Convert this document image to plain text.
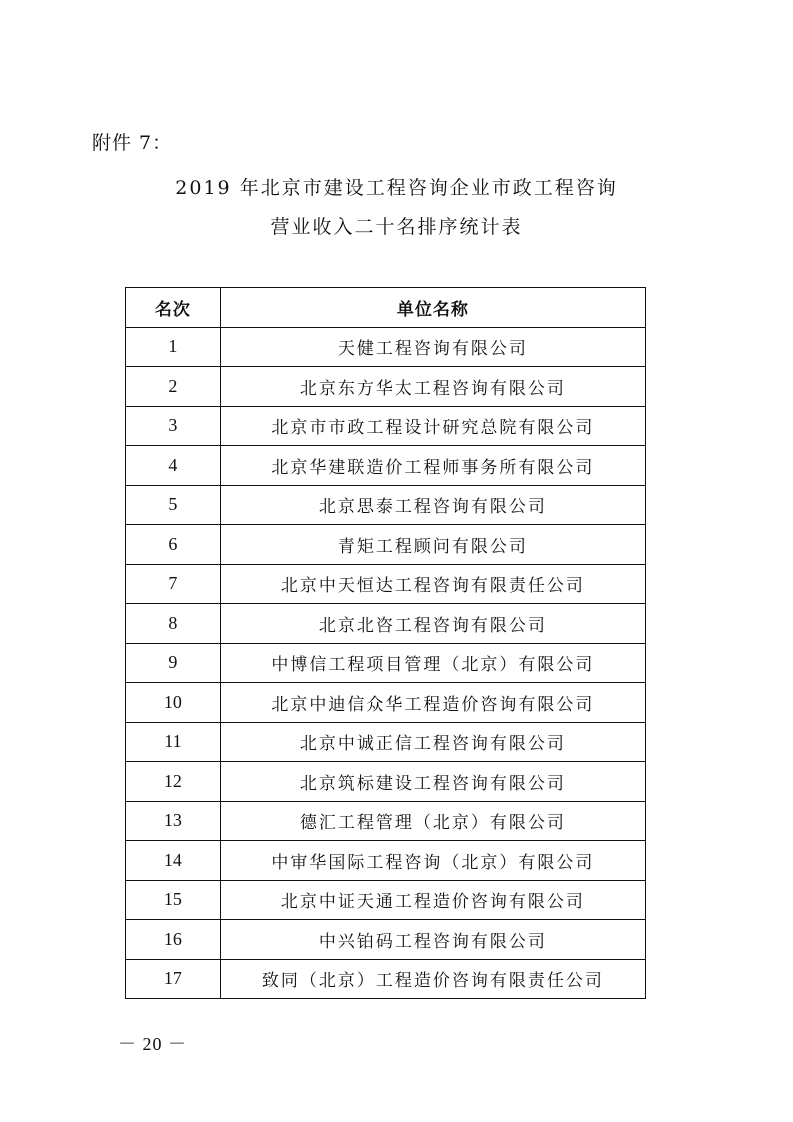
附件 7：
2019 年北京市建设工程咨询企业市政工程咨询
营业收入二十名排序统计表
名次	单位名称
1	天健工程咨询有限公司
2	北京东方华太工程咨询有限公司
3	北京市市政工程设计研究总院有限公司
4	北京华建联造价工程师事务所有限公司
5	北京思泰工程咨询有限公司
6	青矩工程顾问有限公司
7	北京中天恒达工程咨询有限责任公司
8	北京北咨工程咨询有限公司
9	中博信工程项目管理（北京）有限公司
10	北京中迪信众华工程造价咨询有限公司
11	北京中诚正信工程咨询有限公司
12	北京筑标建设工程咨询有限公司
13	德汇工程管理（北京）有限公司
14	中审华国际工程咨询（北京）有限公司
15	北京中证天通工程造价咨询有限公司
16	中兴铂码工程咨询有限公司
17	致同（北京）工程造价咨询有限责任公司
－ 20 －
